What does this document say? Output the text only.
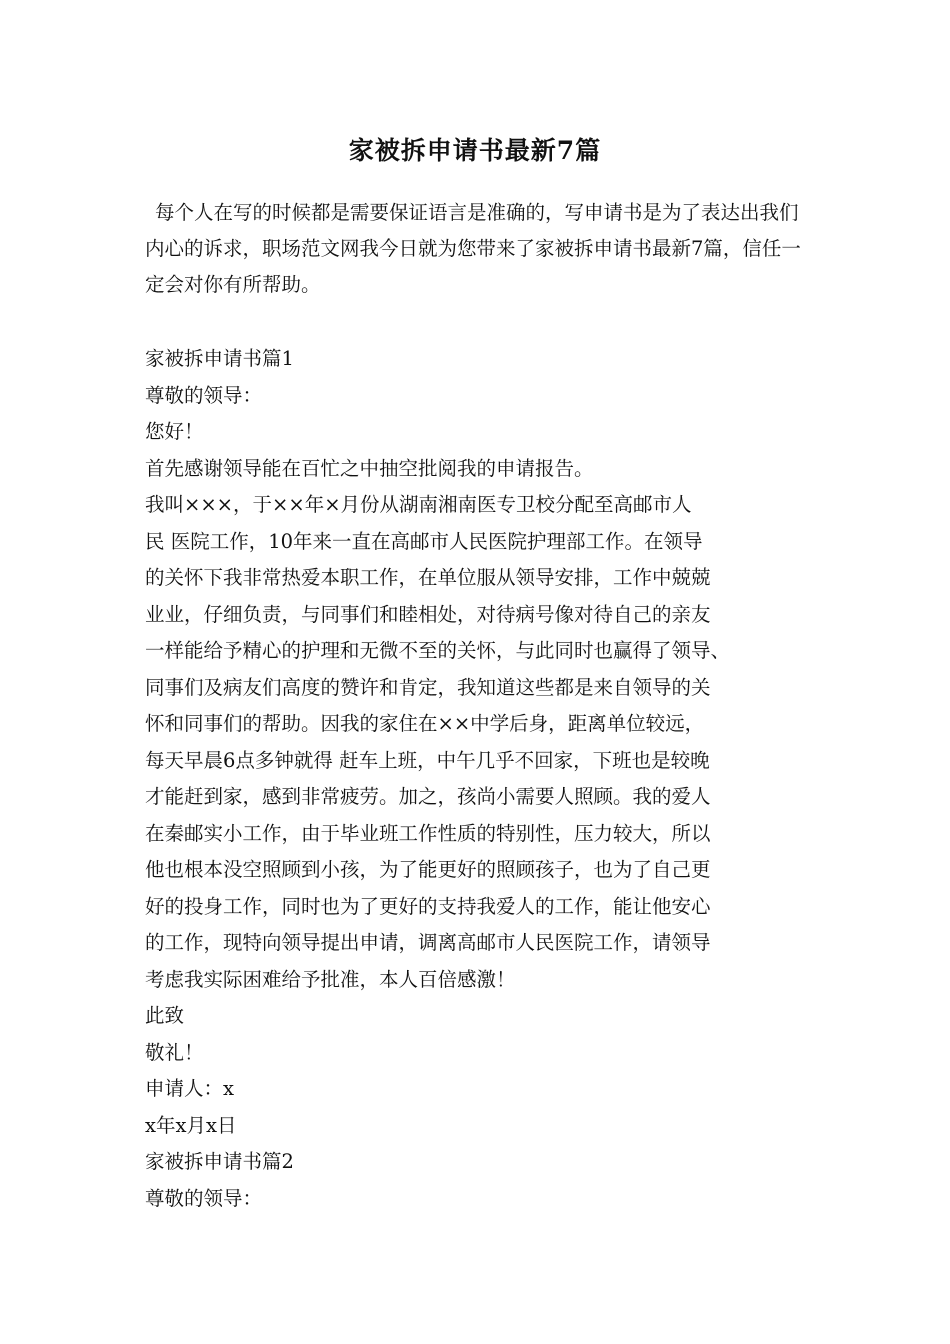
家被拆申请书最新7篇
每个人在写的时候都是需要保证语言是准确的，写申请书是为了表达出我们内心的诉求，职场范文网我今日就为您带来了家被拆申请书最新7篇，信任一定会对你有所帮助。
家被拆申请书篇1
尊敬的领导：
您好！
首先感谢领导能在百忙之中抽空批阅我的申请报告。
我叫×××，于××年×月份从湖南湘南医专卫校分配至高邮市人
民 医院工作，10年来一直在高邮市人民医院护理部工作。在领导
的关怀下我非常热爱本职工作，在单位服从领导安排，工作中兢兢
业业，仔细负责，与同事们和睦相处，对待病号像对待自己的亲友
一样能给予精心的护理和无微不至的关怀，与此同时也赢得了领导、
同事们及病友们高度的赞许和肯定，我知道这些都是来自领导的关
怀和同事们的帮助。因我的家住在××中学后身，距离单位较远，
每天早晨6点多钟就得 赶车上班，中午几乎不回家，下班也是较晚
才能赶到家，感到非常疲劳。加之，孩尚小需要人照顾。我的爱人
在秦邮实小工作，由于毕业班工作性质的特别性，压力较大，所以
他也根本没空照顾到小孩，为了能更好的照顾孩子，也为了自己更
好的投身工作，同时也为了更好的支持我爱人的工作，能让他安心
的工作，现特向领导提出申请，调离高邮市人民医院工作，请领导
考虑我实际困难给予批准，本人百倍感激！
此致
敬礼！
申请人：x
x年x月x日
家被拆申请书篇2
尊敬的领导：
